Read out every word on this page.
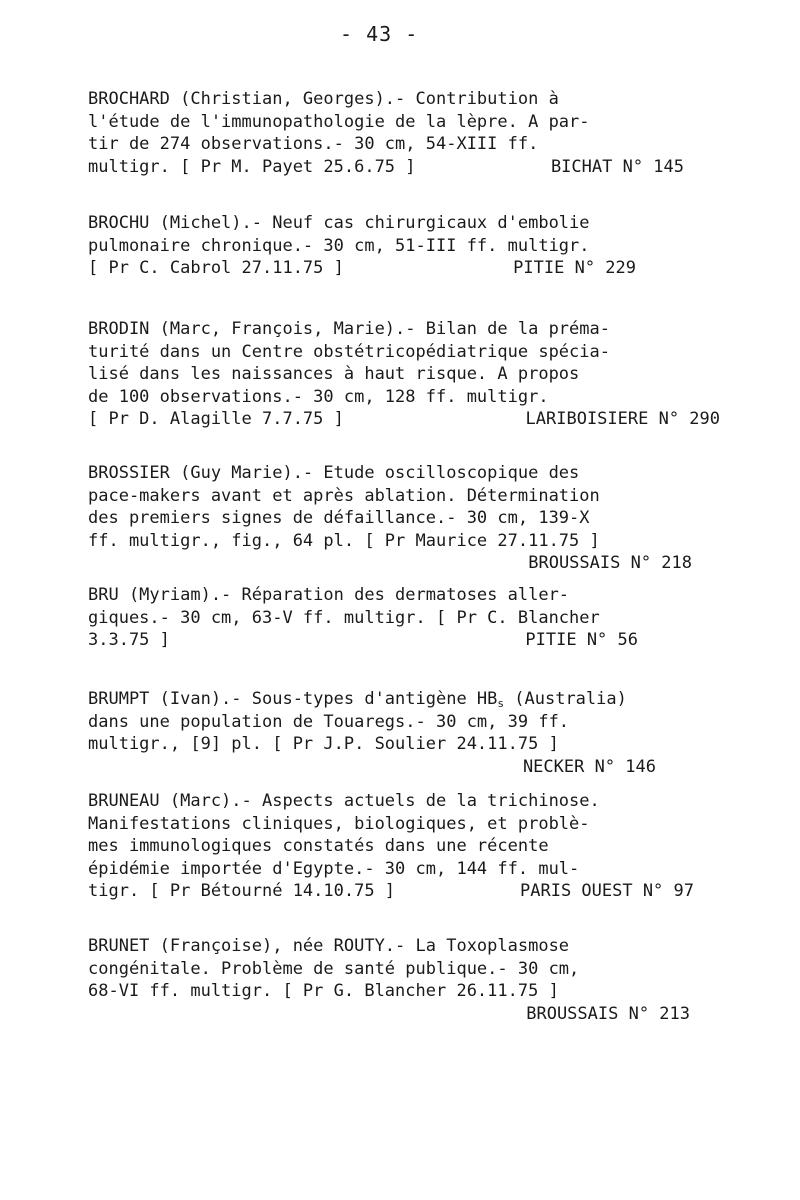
- 43 -
BROCHARD (Christian, Georges).- Contribution à
l'étude de l'immunopathologie de la lèpre. A par-
tir de 274 observations.- 30 cm, 54-XIII ff.
multigr. [ Pr M. Payet 25.6.75 ]	BICHAT N° 145
BROCHU (Michel).- Neuf cas chirurgicaux d'embolie
pulmonaire chronique.- 30 cm, 51-III ff. multigr.
[ Pr C. Cabrol 27.11.75 ]	PITIE N° 229
BRODIN (Marc, François, Marie).- Bilan de la préma-
turité dans un Centre obstétricopédiatrique spécia-
lisé dans les naissances à haut risque. A propos
de 100 observations.- 30 cm, 128 ff. multigr.
[ Pr D. Alagille 7.7.75 ]	LARIBOISIERE N° 290
BROSSIER (Guy Marie).- Etude oscilloscopique des
pace-makers avant et après ablation. Détermination
des premiers signes de défaillance.- 30 cm, 139-X
ff. multigr., fig., 64 pl. [ Pr Maurice 27.11.75 ]
BROUSSAIS N° 218
BRU (Myriam).- Réparation des dermatoses aller-
giques.- 30 cm, 63-V ff. multigr. [ Pr C. Blancher
3.3.75 ]	PITIE N° 56
BRUMPT (Ivan).- Sous-types d'antigène $HB_s$ (Australia)
dans une population de Touaregs.- 30 cm, 39 ff.
multigr., [9] pl. [ Pr J.P. Soulier 24.11.75 ]
NECKER N° 146
BRUNEAU (Marc).- Aspects actuels de la trichinose.
Manifestations cliniques, biologiques, et problè-
mes immunologiques constatés dans une récente
épidémie importée d'Egypte.- 30 cm, 144 ff. mul-
tigr. [ Pr Bétourné 14.10.75 ]	PARIS OUEST N° 97
BRUNET (Françoise), née ROUTY.- La Toxoplasmose
congénitale. Problème de santé publique.- 30 cm,
68-VI ff. multigr. [ Pr G. Blancher 26.11.75 ]
BROUSSAIS N° 213
